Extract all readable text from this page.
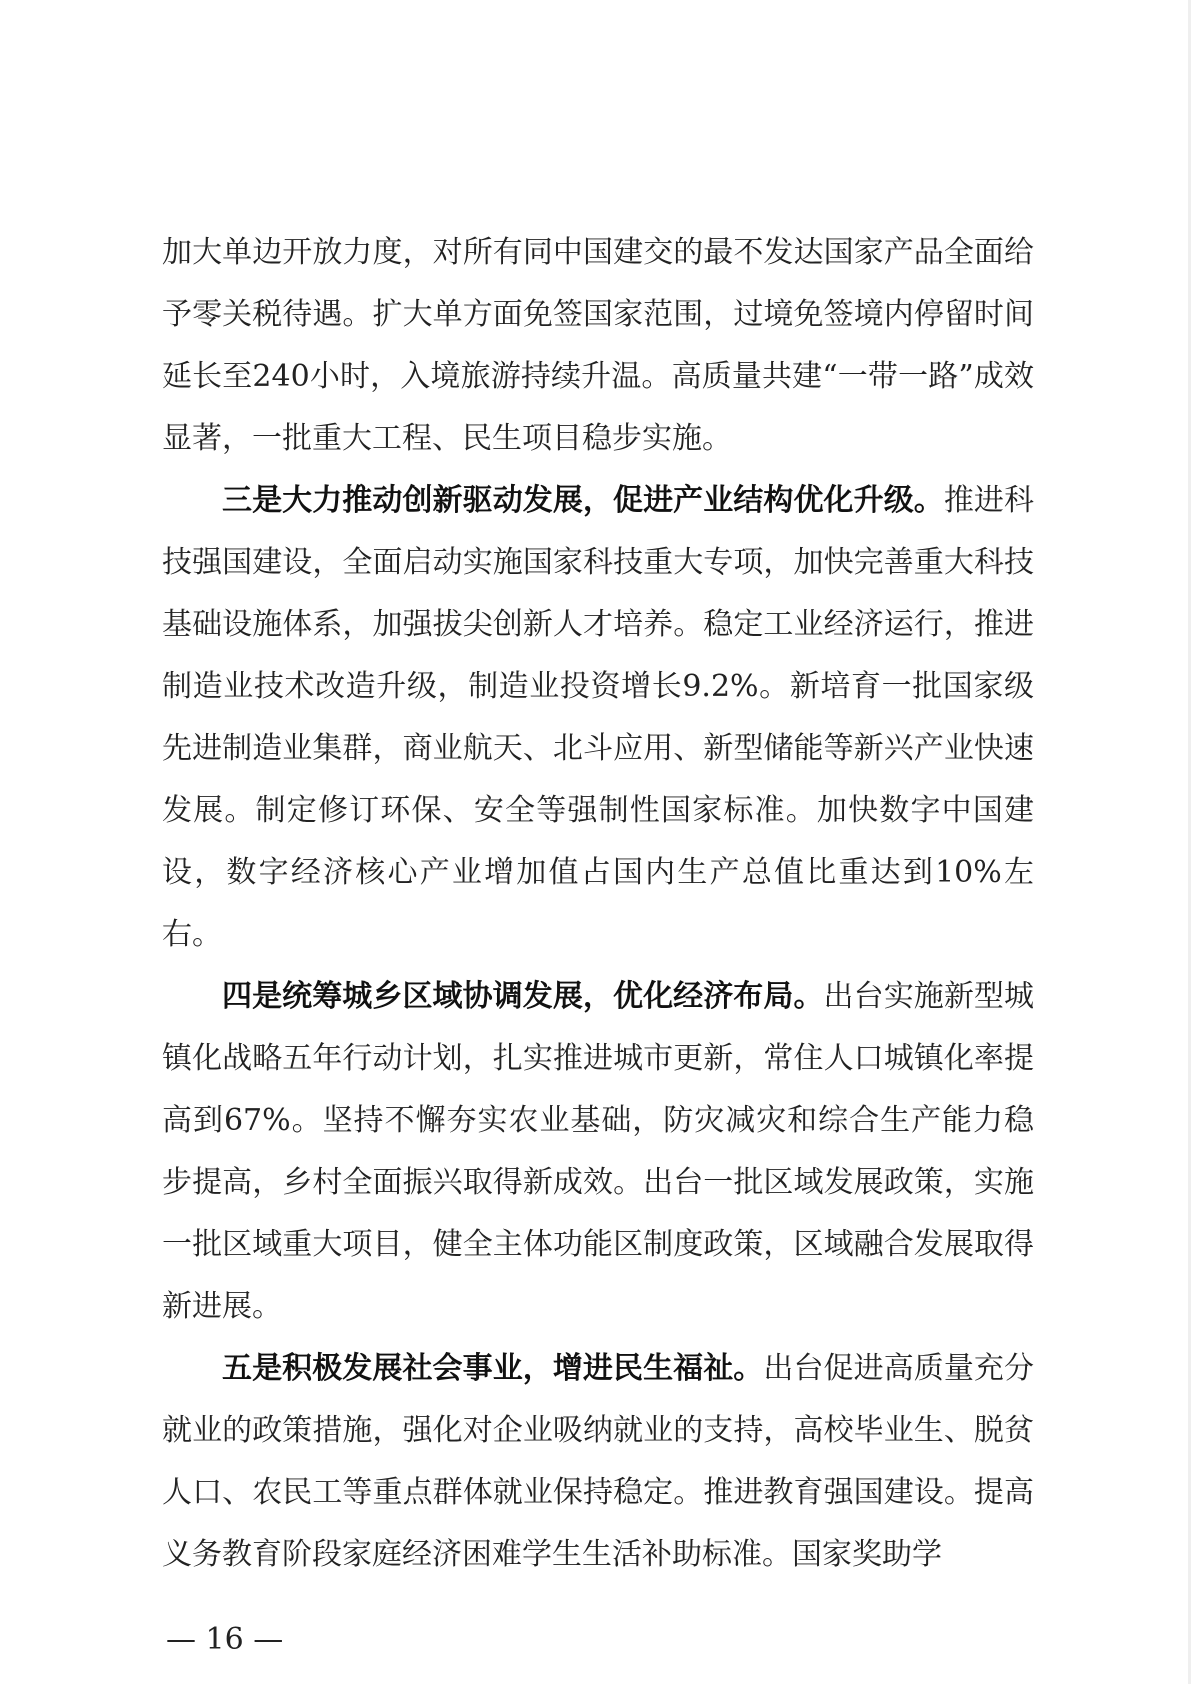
加大单边开放力度，对所有同中国建交的最不发达国家产品全面给予零关税待遇。扩大单方面免签国家范围，过境免签境内停留时间延长至240小时，入境旅游持续升温。高质量共建“一带一路”成效显著，一批重大工程、民生项目稳步实施。

三是大力推动创新驱动发展，促进产业结构优化升级。推进科技强国建设，全面启动实施国家科技重大专项，加快完善重大科技基础设施体系，加强拔尖创新人才培养。稳定工业经济运行，推进制造业技术改造升级，制造业投资增长9.2%。新培育一批国家级先进制造业集群，商业航天、北斗应用、新型储能等新兴产业快速发展。制定修订环保、安全等强制性国家标准。加快数字中国建设，数字经济核心产业增加值占国内生产总值比重达到10%左右。

四是统筹城乡区域协调发展，优化经济布局。出台实施新型城镇化战略五年行动计划，扎实推进城市更新，常住人口城镇化率提高到67%。坚持不懈夯实农业基础，防灾减灾和综合生产能力稳步提高，乡村全面振兴取得新成效。出台一批区域发展政策，实施一批区域重大项目，健全主体功能区制度政策，区域融合发展取得新进展。

五是积极发展社会事业，增进民生福祉。出台促进高质量充分就业的政策措施，强化对企业吸纳就业的支持，高校毕业生、脱贫人口、农民工等重点群体就业保持稳定。推进教育强国建设。提高义务教育阶段家庭经济困难学生生活补助标准。国家奖助学

— 16 —
